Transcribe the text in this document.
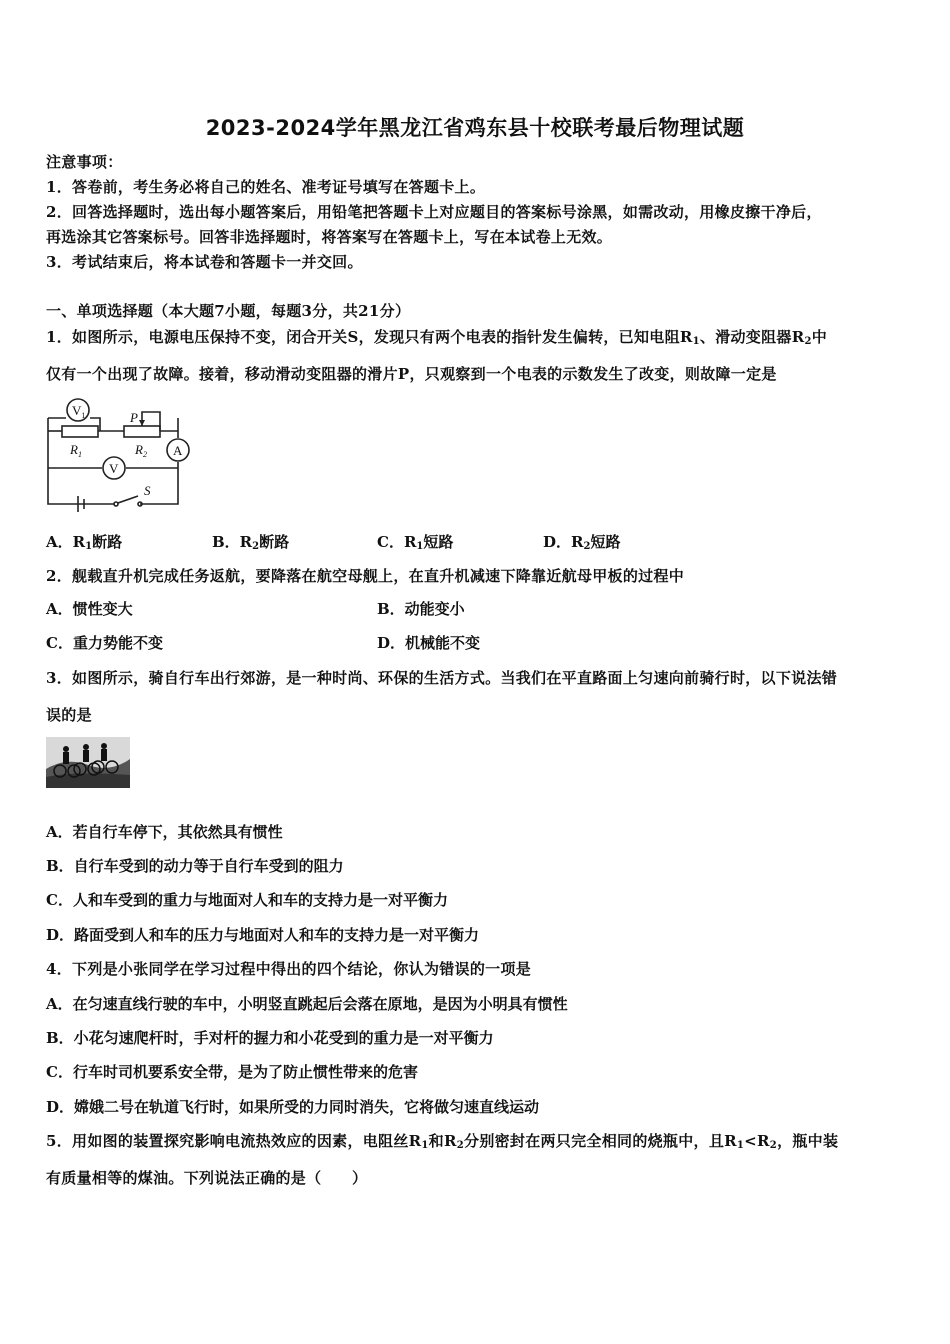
2023-2024学年黑龙江省鸡东县十校联考最后物理试题
注意事项：
1．答卷前，考生务必将自己的姓名、准考证号填写在答题卡上。
2．回答选择题时，选出每小题答案后，用铅笔把答题卡上对应题目的答案标号涂黑，如需改动，用橡皮擦干净后，
再选涂其它答案标号。回答非选择题时，将答案写在答题卡上，写在本试卷上无效。
3．考试结束后，将本试卷和答题卡一并交回。
一、单项选择题（本大题7小题，每题3分，共21分）
1．如图所示，电源电压保持不变，闭合开关S，发现只有两个电表的指针发生偏转，已知电阻$R_1$、滑动变阻器$R_2$中
仅有一个出现了故障。接着，移动滑动变阻器的滑片P，只观察到一个电表的示数发生了改变，则故障一定是
$V_1$	P
$R_1$	$R_2$ A
V
S
A．$R_1$断路	B．$R_2$断路	C．$R_1$短路	D．$R_2$短路
2．舰载直升机完成任务返航，要降落在航空母舰上，在直升机减速下降靠近航母甲板的过程中
A．惯性变大	B．动能变小
C．重力势能不变	D．机械能不变
3．如图所示，骑自行车出行郊游，是一种时尚、环保的生活方式。当我们在平直路面上匀速向前骑行时，以下说法错
误的是
A．若自行车停下，其依然具有惯性
B．自行车受到的动力等于自行车受到的阻力
C．人和车受到的重力与地面对人和车的支持力是一对平衡力
D．路面受到人和车的压力与地面对人和车的支持力是一对平衡力
4．下列是小张同学在学习过程中得出的四个结论，你认为错误的一项是
A．在匀速直线行驶的车中，小明竖直跳起后会落在原地，是因为小明具有惯性
B．小花匀速爬杆时，手对杆的握力和小花受到的重力是一对平衡力
C．行车时司机要系安全带，是为了防止惯性带来的危害
D．嫦娥二号在轨道飞行时，如果所受的力同时消失，它将做匀速直线运动
5．用如图的装置探究影响电流热效应的因素，电阻丝$R_1$和$R_2$分别密封在两只完全相同的烧瓶中，且$R_1<R_2$，瓶中装
有质量相等的煤油。下列说法正确的是（　　）
